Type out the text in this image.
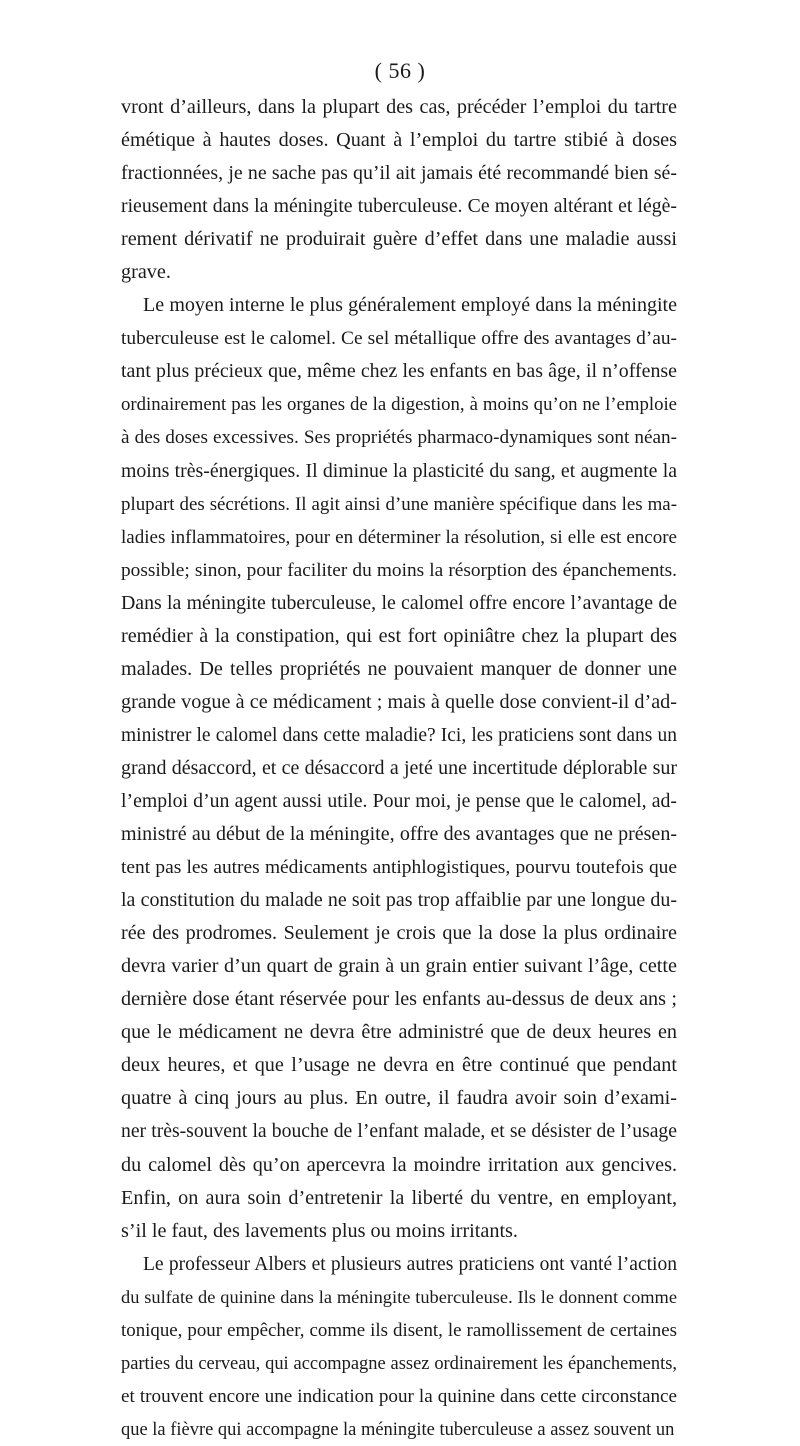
( 56 )
vront d’ailleurs, dans la plupart des cas, précéder l’emploi du tartre
émétique à hautes doses. Quant à l’emploi du tartre stibié à doses
fractionnées, je ne sache pas qu’il ait jamais été recommandé bien sé-
rieusement dans la méningite tuberculeuse. Ce moyen altérant et légè-
rement dérivatif ne produirait guère d’effet dans une maladie aussi
grave.
Le moyen interne le plus généralement employé dans la méningite
tuberculeuse est le calomel. Ce sel métallique offre des avantages d’au-
tant plus précieux que, même chez les enfants en bas âge, il n’offense
ordinairement pas les organes de la digestion, à moins qu’on ne l’emploie
à des doses excessives. Ses propriétés pharmaco-dynamiques sont néan-
moins très-énergiques. Il diminue la plasticité du sang, et augmente la
plupart des sécrétions. Il agit ainsi d’une manière spécifique dans les ma-
ladies inflammatoires, pour en déterminer la résolution, si elle est encore
possible; sinon, pour faciliter du moins la résorption des épanchements.
Dans la méningite tuberculeuse, le calomel offre encore l’avantage de
remédier à la constipation, qui est fort opiniâtre chez la plupart des
malades. De telles propriétés ne pouvaient manquer de donner une
grande vogue à ce médicament ; mais à quelle dose convient-il d’ad-
ministrer le calomel dans cette maladie? Ici, les praticiens sont dans un
grand désaccord, et ce désaccord a jeté une incertitude déplorable sur
l’emploi d’un agent aussi utile. Pour moi, je pense que le calomel, ad-
ministré au début de la méningite, offre des avantages que ne présen-
tent pas les autres médicaments antiphlogistiques, pourvu toutefois que
la constitution du malade ne soit pas trop affaiblie par une longue du-
rée des prodromes. Seulement je crois que la dose la plus ordinaire
devra varier d’un quart de grain à un grain entier suivant l’âge, cette
dernière dose étant réservée pour les enfants au-dessus de deux ans ;
que le médicament ne devra être administré que de deux heures en
deux heures, et que l’usage ne devra en être continué que pendant
quatre à cinq jours au plus. En outre, il faudra avoir soin d’exami-
ner très-souvent la bouche de l’enfant malade, et se désister de l’usage
du calomel dès qu’on apercevra la moindre irritation aux gencives.
Enfin, on aura soin d’entretenir la liberté du ventre, en employant,
s’il le faut, des lavements plus ou moins irritants.
Le professeur Albers et plusieurs autres praticiens ont vanté l’action
du sulfate de quinine dans la méningite tuberculeuse. Ils le donnent comme
tonique, pour empêcher, comme ils disent, le ramollissement de certaines
parties du cerveau, qui accompagne assez ordinairement les épanchements,
et trouvent encore une indication pour la quinine dans cette circonstance
que la fièvre qui accompagne la méningite tuberculeuse a assez souvent un
